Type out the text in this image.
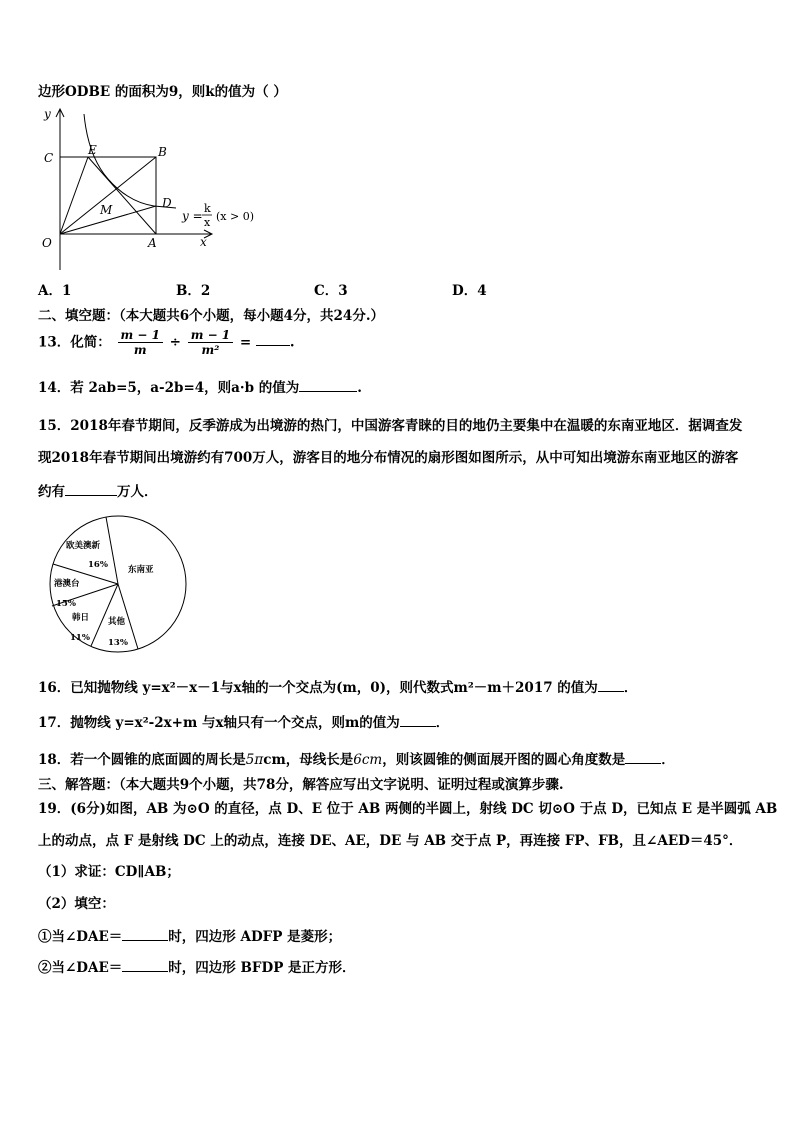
边形ODBE 的面积为9，则k的值为（ ）
y
x
C
E	B
D
M
O	A
y =
k
x (x > 0)
A．1	B．2	C．3	D．4
二、填空题：（本大题共6个小题，每小题4分，共24分.）
13．化简： $\frac{m - 1}{m} \div \frac{m - 1}{\text{m²}}$ =	.
14．若 2ab=5，a-2b=4，则a·b 的值为	.
15．2018年春节期间，反季游成为出境游的热门，中国游客青睐的目的地仍主要集中在温暖的东南亚地区．据调查发
现2018年春节期间出境游约有700万人，游客目的地分布情况的扇形图如图所示，从中可知出境游东南亚地区的游客
约有	万人．
欧美澳新
16% 东南亚
其他
13%
韩日
11%
港澳台
15%
16．已知抛物线 y=x²－x－1与x轴的一个交点为(m，0)，则代数式m²－m＋2017 的值为 ．
17．抛物线 y=x²-2x+m 与x轴只有一个交点，则m的值为	．
18．若一个圆锥的底面圆的周长是5πcm，母线长是6cm，则该圆锥的侧面展开图的圆心角度数是	．
三、解答题：（本大题共9个小题，共78分，解答应写出文字说明、证明过程或演算步骤.
19．(6分)如图，AB 为⊙O 的直径，点 D、E 位于 AB 两侧的半圆上，射线 DC 切⊙O 于点 D，已知点 E 是半圆弧 AB
上的动点，点 F 是射线 DC 上的动点，连接 DE、AE，DE 与 AB 交于点 P，再连接 FP、FB，且∠AED＝45°．
（1）求证：CD∥AB；
（2）填空：
①当∠DAE＝	时，四边形 ADFP 是菱形；
②当∠DAE＝	时，四边形 BFDP 是正方形．
